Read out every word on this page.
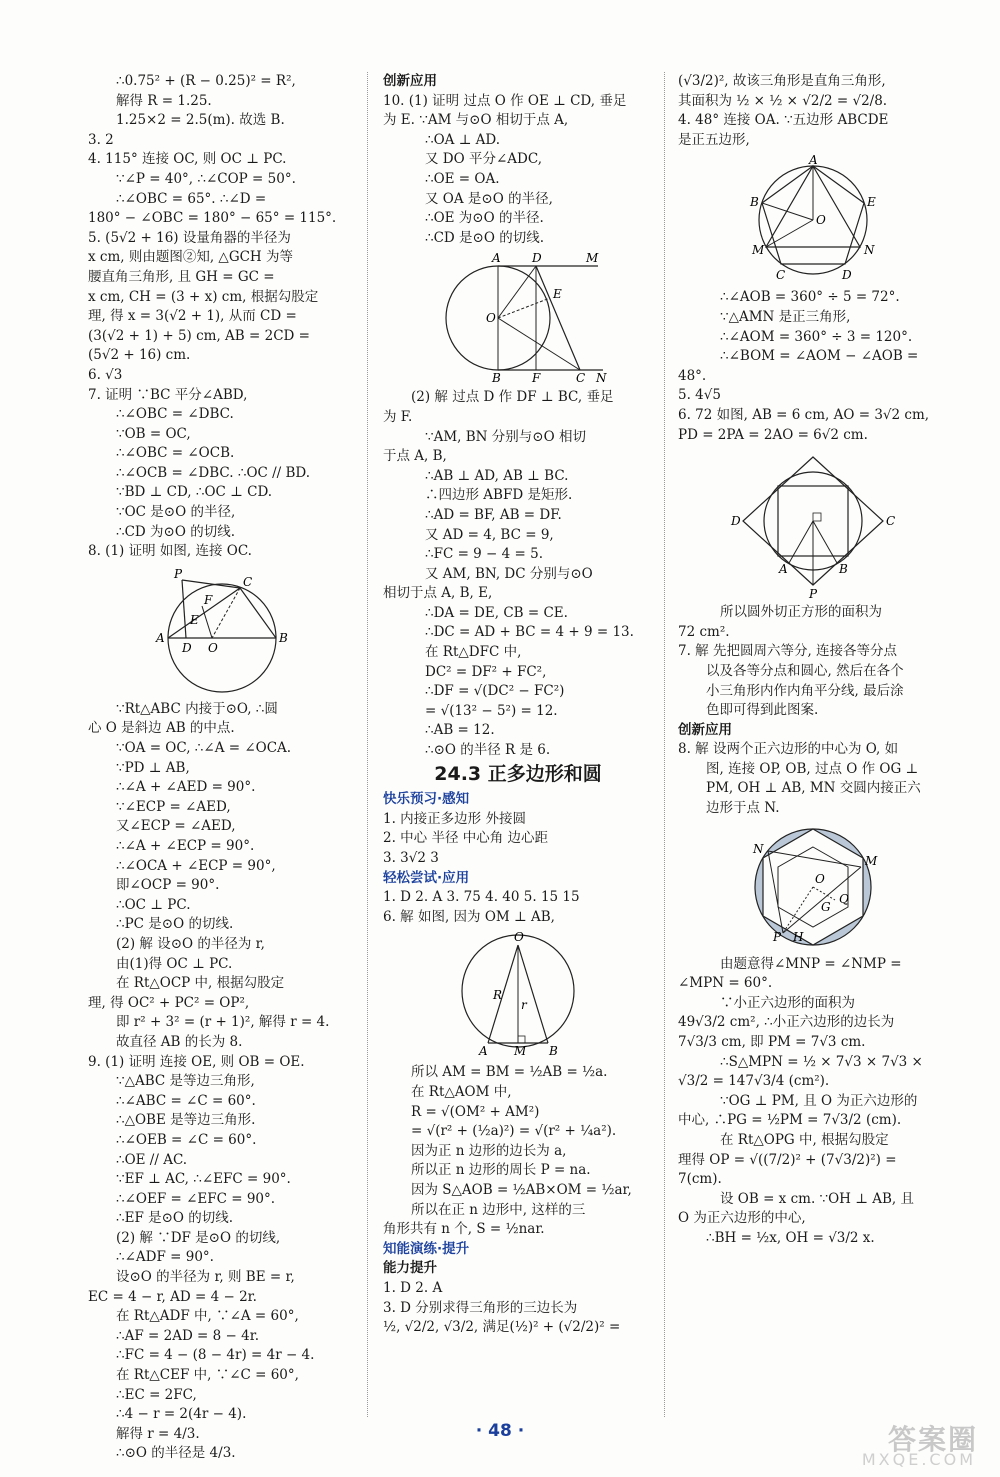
∴0.75² + (R − 0.25)² = R²,
解得 R = 1.25.
1.25×2 = 2.5(m). 故选 B.
3. 2
4. 115° 连接 OC, 则 OC ⊥ PC.
∵∠P = 40°, ∴∠COP = 50°.
∴∠OBC = 65°. ∴∠D =
180° − ∠OBC = 180° − 65° = 115°.
5. (5√2 + 16) 设量角器的半径为
x cm, 则由题图②知, △GCH 为等
腰直角三角形, 且 GH = GC =
x cm, CH = (3 + x) cm, 根据勾股定
理, 得 x = 3(√2 + 1), 从而 CD =
(3(√2 + 1) + 5) cm, AB = 2CD =
(5√2 + 16) cm.
6. √3
7. 证明 ∵BC 平分∠ABD,
∴∠OBC = ∠DBC.
∵OB = OC,
∴∠OBC = ∠OCB.
∴∠OCB = ∠DBC. ∴OC // BD.
∵BD ⊥ CD, ∴OC ⊥ CD.
∵OC 是⊙O 的半径,
∴CD 为⊙O 的切线.
8. (1) 证明 如图, 连接 OC.
P
C
F
E
A
D O
B
∵Rt△ABC 内接于⊙O, ∴圆
心 O 是斜边 AB 的中点.
∵OA = OC, ∴∠A = ∠OCA.
∵PD ⊥ AB,
∴∠A + ∠AED = 90°.
∵∠ECP = ∠AED,
又∠ECP = ∠AED,
∴∠A + ∠ECP = 90°.
∴∠OCA + ∠ECP = 90°,
即∠OCP = 90°.
∴OC ⊥ PC.
∴PC 是⊙O 的切线.
(2) 解 设⊙O 的半径为 r,
由(1)得 OC ⊥ PC.
在 Rt△OCP 中, 根据勾股定
理, 得 OC² + PC² = OP²,
即 r² + 3² = (r + 1)², 解得 r = 4.
故直径 AB 的长为 8.
9. (1) 证明 连接 OE, 则 OB = OE.
∵△ABC 是等边三角形,
∴∠ABC = ∠C = 60°.
∴△OBE 是等边三角形.
∴∠OEB = ∠C = 60°.
∴OE // AC.
∵EF ⊥ AC, ∴∠EFC = 90°.
∴∠OEF = ∠EFC = 90°.
∴EF 是⊙O 的切线.
(2) 解 ∵DF 是⊙O 的切线,
∴∠ADF = 90°.
设⊙O 的半径为 r, 则 BE = r,
EC = 4 − r, AD = 4 − 2r.
在 Rt△ADF 中, ∵∠A = 60°,
∴AF = 2AD = 8 − 4r.
∴FC = 4 − (8 − 4r) = 4r − 4.
在 Rt△CEF 中, ∵∠C = 60°,
∴EC = 2FC,
∴4 − r = 2(4r − 4).
解得 r = 4/3.
∴⊙O 的半径是 4/3.
创新应用
10. (1) 证明 过点 O 作 OE ⊥ CD, 垂足
为 E. ∵AM 与⊙O 相切于点 A,
∴OA ⊥ AD.
又 DO 平分∠ADC,
∴OE = OA.
又 OA 是⊙O 的半径,
∴OE 为⊙O 的半径.
∴CD 是⊙O 的切线.
A	D	M
E
O
B	F	C N
(2) 解 过点 D 作 DF ⊥ BC, 垂足
为 F.
∵AM, BN 分别与⊙O 相切
于点 A, B,
∴AB ⊥ AD, AB ⊥ BC.
∴四边形 ABFD 是矩形.
∴AD = BF, AB = DF.
又 AD = 4, BC = 9,
∴FC = 9 − 4 = 5.
又 AM, BN, DC 分别与⊙O
相切于点 A, B, E,
∴DA = DE, CB = CE.
∴DC = AD + BC = 4 + 9 = 13.
在 Rt△DFC 中,
DC² = DF² + FC²,
∴DF = √(DC² − FC²)
= √(13² − 5²) = 12.
∴AB = 12.
∴⊙O 的半径 R 是 6.
24.3 正多边形和圆
快乐预习·感知
1. 内接正多边形 外接圆
2. 中心 半径 中心角 边心距
3. 3√2 3
轻松尝试·应用
1. D 2. A 3. 75 4. 40 5. 15 15
6. 解 如图, 因为 OM ⊥ AB,
O
R
r
A M B
所以 AM = BM = ½AB = ½a.
在 Rt△AOM 中,
R = √(OM² + AM²)
= √(r² + (½a)²) = √(r² + ¼a²).
因为正 n 边形的边长为 a,
所以正 n 边形的周长 P = na.
因为 S△AOB = ½AB×OM = ½ar,
所以在正 n 边形中, 这样的三
角形共有 n 个, S = ½nar.
知能演练·提升
能力提升
1. D 2. A
3. D 分别求得三角形的三边长为
½, √2/2, √3/2, 满足(½)² + (√2/2)² =
(√3/2)², 故该三角形是直角三角形,
其面积为 ½ × ½ × √2/2 = √2/8.
4. 48° 连接 OA. ∵五边形 ABCDE
是正五边形,
A
B	E
O
M	N
C	D
∴∠AOB = 360° ÷ 5 = 72°.
∵△AMN 是正三角形,
∴∠AOM = 360° ÷ 3 = 120°.
∴∠BOM = ∠AOM − ∠AOB =
48°.
5. 4√5
6. 72 如图, AB = 6 cm, AO = 3√2 cm,
PD = 2PA = 2AO = 6√2 cm.
D	C
A	B
P
所以圆外切正方形的面积为
72 cm².
7. 解 先把圆周六等分, 连接各等分点
以及各等分点和圆心, 然后在各个
小三角形内作内角平分线, 最后涂
色即可得到此图案.
创新应用
8. 解 设两个正六边形的中心为 O, 如
图, 连接 OP, OB, 过点 O 作 OG ⊥
PM, OH ⊥ AB, MN 交圆内接正六
边形于点 N.
N
M
O
Q
G
P H
由题意得∠MNP = ∠NMP =
∠MPN = 60°.
∵小正六边形的面积为
49√3/2 cm², ∴小正六边形的边长为
7√3/3 cm, 即 PM = 7√3 cm.
∴S△MPN = ½ × 7√3 × 7√3 ×
√3/2 = 147√3/4 (cm²).
∵OG ⊥ PM, 且 O 为正六边形的
中心, ∴PG = ½PM = 7√3/2 (cm).
在 Rt△OPG 中, 根据勾股定
理得 OP = √((7/2)² + (7√3/2)²) =
7(cm).
设 OB = x cm. ∵OH ⊥ AB, 且
O 为正六边形的中心,
∴BH = ½x, OH = √3/2 x.
· 48 ·	答案圈
MXQE.COM
